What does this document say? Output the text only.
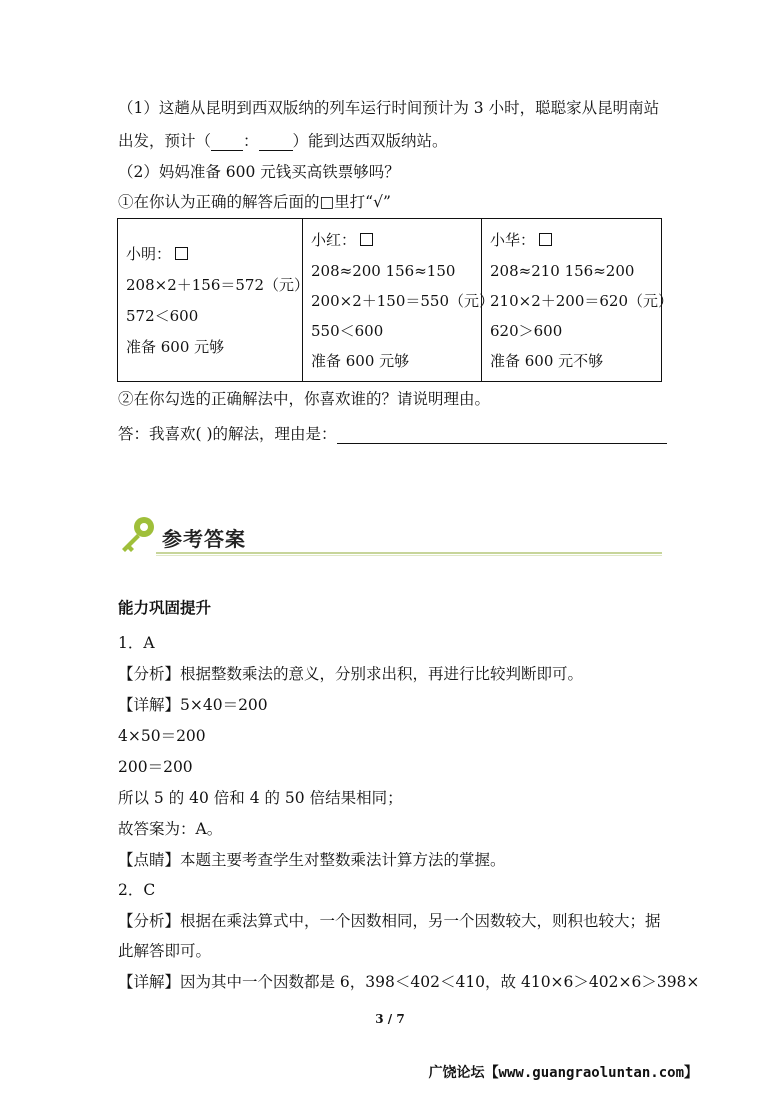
（1）这趟从昆明到西双版纳的列车运行时间预计为 3 小时，聪聪家从昆明南站
出发，预计（ ： ）能到达西双版纳站。
（2）妈妈准备 600 元钱买高铁票够吗？
①在你认为正确的解答后面的□里打“√”
小明：
208×2＋156＝572（元）
572＜600
准备 600 元够

小红：
208≈200 156≈150
200×2＋150＝550（元）
550＜600
准备 600 元够

小华：
208≈210 156≈200
210×2＋200＝620（元）
620＞600
准备 600 元不够
②在你勾选的正确解法中，你喜欢谁的？请说明理由。
答：我喜欢( )的解法，理由是：
参考答案
能力巩固提升
1．A
【分析】根据整数乘法的意义，分别求出积，再进行比较判断即可。
【详解】5×40＝200
4×50＝200
200＝200
所以 5 的 40 倍和 4 的 50 倍结果相同；
故答案为：A。
【点睛】本题主要考查学生对整数乘法计算方法的掌握。
2．C
【分析】根据在乘法算式中，一个因数相同，另一个因数较大，则积也较大；据
此解答即可。
【详解】因为其中一个因数都是 6，398＜402＜410，故 410×6＞402×6＞398×
3 / 7
广饶论坛【www.guangraoluntan.com】
